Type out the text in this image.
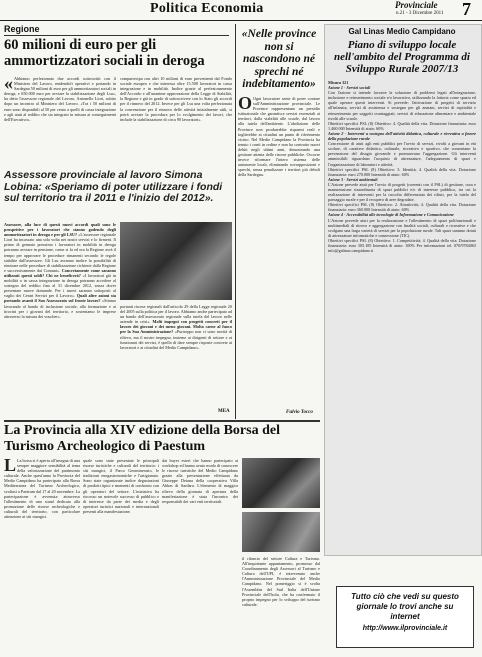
Politica Economia	Provinciale
n.21 - 3 Dicembre 2011 7
Regione
60 milioni di euro per gli ammortizzatori sociali in deroga
« Abbiamo perfezionato due accordi sottoscritti con il Ministero del Lavoro, rendendoli operativi e portando in Sardegna 50 milioni di euro per gli ammortizzatori sociali in deroga, e 650.000 euro per avviare la stabilizzazione degli Lsu», ha detto l'assessore regionale del Lavoro, Antonello Liori, subito dopo un incontro al Ministero del Lavoro. «Tra i 50 milioni di euro sono disponibili al 50 per cento a quelli di cassa integrazione e agli aiuti al reddito che sia integrato in misura ai conseguimenti dell'Esecutivo».
compartecipa con altri 10 milioni di euro provenienti dal Fondo sociale europeo e che interessa oltre 15.500 lavoratori in cassa integrazione e in mobilità. Inoltre grazie al perfezionamento dell'Accordo e all'unanime approvazione della Legge di Stabilità, la Regione e già in grado di sottoscrivere con lo Stato gli accordi per il rinnovo del 2012. Invece per gli Lsu una volta perfezionata la convenzione per il rinnovo delle attività inizialmente utili, si potrà avviare la procedura per lo svolgimento dei lavori, che include la stabilizzazione di circa 90 lavoratori».
Assessore provinciale al lavoro Simona Lobina: «Speriamo di poter utilizzare i fondi sul territorio tra il 2011 e l'inizio del 2012».
Assessore, alla luce di questi nuovi accordi quali sono le prospettive per i lavoratori che stanno godendo degli ammortizzatori in deroga e per gli LSU? «L'assessore regionale Liori ha incassato una sola volta nei nostri servizi e lo firmerà. Il primo di gennaio prossimo i lavoratori in mobilità in deroga potranno avviare in pensione, come si fa ed ora la Regione avrà il tempo per approvare le procedure rimanenti secondo le regole stabilite dall'assessore. Gli Lsu avranno inoltre la possibilità di rientrare nelle procedure di stabilizzazione richieste dalla Regione e successivamente dai Comuni». Concretamente come saranno utilizzati questi soldi? Chi ne beneficerà? «I lavoratori già in mobilità o in cassa integrazione in deroga potranno accedere al sostegno del reddito fino al 31 dicembre 2012, senza dover presentare nuove domande. Per i nuovi saranno sottoposti al vaglio dei Centri Servizi per il Lavoro». Quali altre azioni sta portando avanti il Suo Assessorato sul fronte lavoro? «Stiamo lavorando al bando di inclusione sociale, alla formazione e ai tirocini per i giovani del territorio, e sosteniamo le imprese attraverso la misura dei voucher».
portanti risorse regionali dall'articolo 29 della Legge regionale 20 del 2005 sulla politica per il lavoro. Abbiamo anche partecipato ad un bando dell'assessorato regionale sulla tutela del lavoro nelle aziende in crisi». Molti impegni con progetti concreti per il lavoro dei giovani e dei meno giovani. Molta carne al fuoco per la Sua Amministrazione? «Purtroppo non ci sono novità di rilievo, ma il nostro impegno, insieme ai dirigenti di settore e ai funzionari dei servizi, è quello di dare sempre risposte concrete ai lavoratori e ai cittadini del Medio Campidano».
MEA
«Nelle province non si nascondono né sprechi né indebitamento»
O Ogni lavoratore sente di poter contare sull'Amministrazione provinciale. Le Province rappresentano un presidio istituzionale che garantisce servizi essenziali ai territori, dalla viabilità alle scuole, dal lavoro alla tutela dell'ambiente. L'abolizione delle Province non produrrebbe risparmi reali e toglierebbe ai cittadini un punto di riferimento vicino. Nel Medio Campidano la Provincia ha tenuto i conti in ordine e non ha contratto nuovi debiti negli ultimi anni, dimostrando una gestione attenta delle risorse pubbliche. Occorre invece riformare l'intero sistema delle autonomie locali, eliminando sovrapposizioni e sprechi, senza penalizzare i territori più deboli della Sardegna.
Fulvio Tocco
Gal Linas Medio Campidano
Piano di sviluppo locale nell'ambito del Programma di Sviluppo Rurale 2007/13
Misura 321
Azione 1 - Servizi sociali
Con l'azione si intende favorire la soluzione di problemi legati all'integrazione, inclusione e reinserimento sociale e/o lavorativo, utilizzando la fattoria come spazio ed quale operare questi interventi. Si prevede: l'attivazione di progetti di servizio all'infanzia, servizi di assistenza e sostegno per gli anziani, servizi di ospitalità e reinserimento per soggetti svantaggiati, servizi di educazione alimentare e ambientale rivolti alle scuole.
Obiettivi specifici PSL (8) Obiettivo: 4. Qualità della vita. Dotazione finanziaria: euro 1.460.000 Intensità di aiuto: 60%
Azione 2 - Interventi a sostegno dell'attività didattica, culturale e ricreativa a favore della popolazione rurale
Concessione di aiuti agli enti pubblici per l'avvio di servizi, rivolti a giovani in età scolare, di carattere didattico, culturale, ricreativo e sportivo, che consentano la prevenzione del disagio giovanile e promuovano l'aggregazione. Gli interventi ammissibili riguardano l'acquisto di attrezzature, l'adeguamento di spazi e l'organizzazione di laboratori e attività.
Obiettivi specifici PSL (8) Obiettivo: 3. Identità; 4. Qualità della vita. Dotazione finanziaria: euro 270.000 Intensità di aiuto: 60%
Azione 3 - Servizi ambientali
L'Azione prevede aiuti per l'avvio di progetti (coerenti con il PSL) di gestione, cura e manutenzione straordinaria di spazi pubblici e/o di interesse pubblico, tra cui la realizzazione di interventi per la raccolta differenziata dei rifiuti, per la tutela del paesaggio rurale e per il recupero di aree degradate.
Obiettivi specifici PSL (8) Obiettivo: 2. Attrattività; 4. Qualità della vita. Dotazione finanziaria: euro 360.000 Intensità di aiuto: 60%
Azione 4 - Accessibilità alle tecnologie di Informazione e Comunicazione
L'Azione prevede aiuti per la realizzazione e l'allestimento di spazi polifunzionali e multimediali di ritrovo e aggregazione con finalità sociali, culturali e ricreative e che svolgano una larga varietà di servizi per la popolazione rurale. Tali spazi saranno dotati di attrezzature informatiche e connessione (TIC).
Obiettivi specifici PSL (8) Obiettivo: 1. Competitività; 4. Qualità della vita. Dotazione finanziaria: euro 305.185 Intensità di aiuto: 100% Per informazioni tel. 070/9784063 info@galinas.campidano.it
Tutto ciò che vedi su questo giornale lo trovi anche su internet
http://www.ilprovinciale.it
La Provincia alla XIV edizione della Borsa del Turismo Archeologico di Paestum
L La borsa si è aperta all'insegna di una sempre maggiore sensibilità al tema della valorizzazione del patrimonio culturale. Anche quest'anno la Provincia del Medio Campidano ha partecipato alla Borsa Mediterranea del Turismo Archeologico, svoltasi a Paestum dal 17 al 20 novembre. La partecipazione è avvenuta attraverso l'allestimento di uno stand dedicato alla promozione delle risorse archeologiche e culturali del territorio, con particolare attenzione ai siti nuragici.
quale sono state presentate le principali risorse turistiche e culturali del territorio: i siti nuragici, il Parco Geominerario, le tradizioni enogastronomiche e l'artigianato. Sono state organizzate inoltre degustazioni di prodotti tipici e momenti di confronto con gli operatori del settore. L'iniziativa ha riscosso un notevole successo di pubblico e di interesse da parte dei media e degli operatori turistici nazionali e internazionali presenti alla manifestazione.
dai buyer esteri che hanno partecipato ai workshop ed hanno avuto modo di conoscere le risorse turistiche del Medio Campidano grazie alla presentazione effettuata da Giuseppe Deiana della cooperativa Villa Abbas di Sardara. L'elemento di maggior rilievo della giornata di apertura della manifestazione è stata l'incontro dei responsabili dei vari enti territoriali.
il rilancio del settore Cultura e Turismo. All'importante appuntamento, promosso dal Coordinamento degli Assessori al Turismo e Cultura dell'UPI, è intervenuto anche l'Amministrazione Provinciale del Medio Campidano. Nel pomeriggio si è svolta l'Assemblea del Sud Italia dell'Unione Provinciale dell'Isola, che ha confermato il proprio impegno per lo sviluppo del turismo culturale.
